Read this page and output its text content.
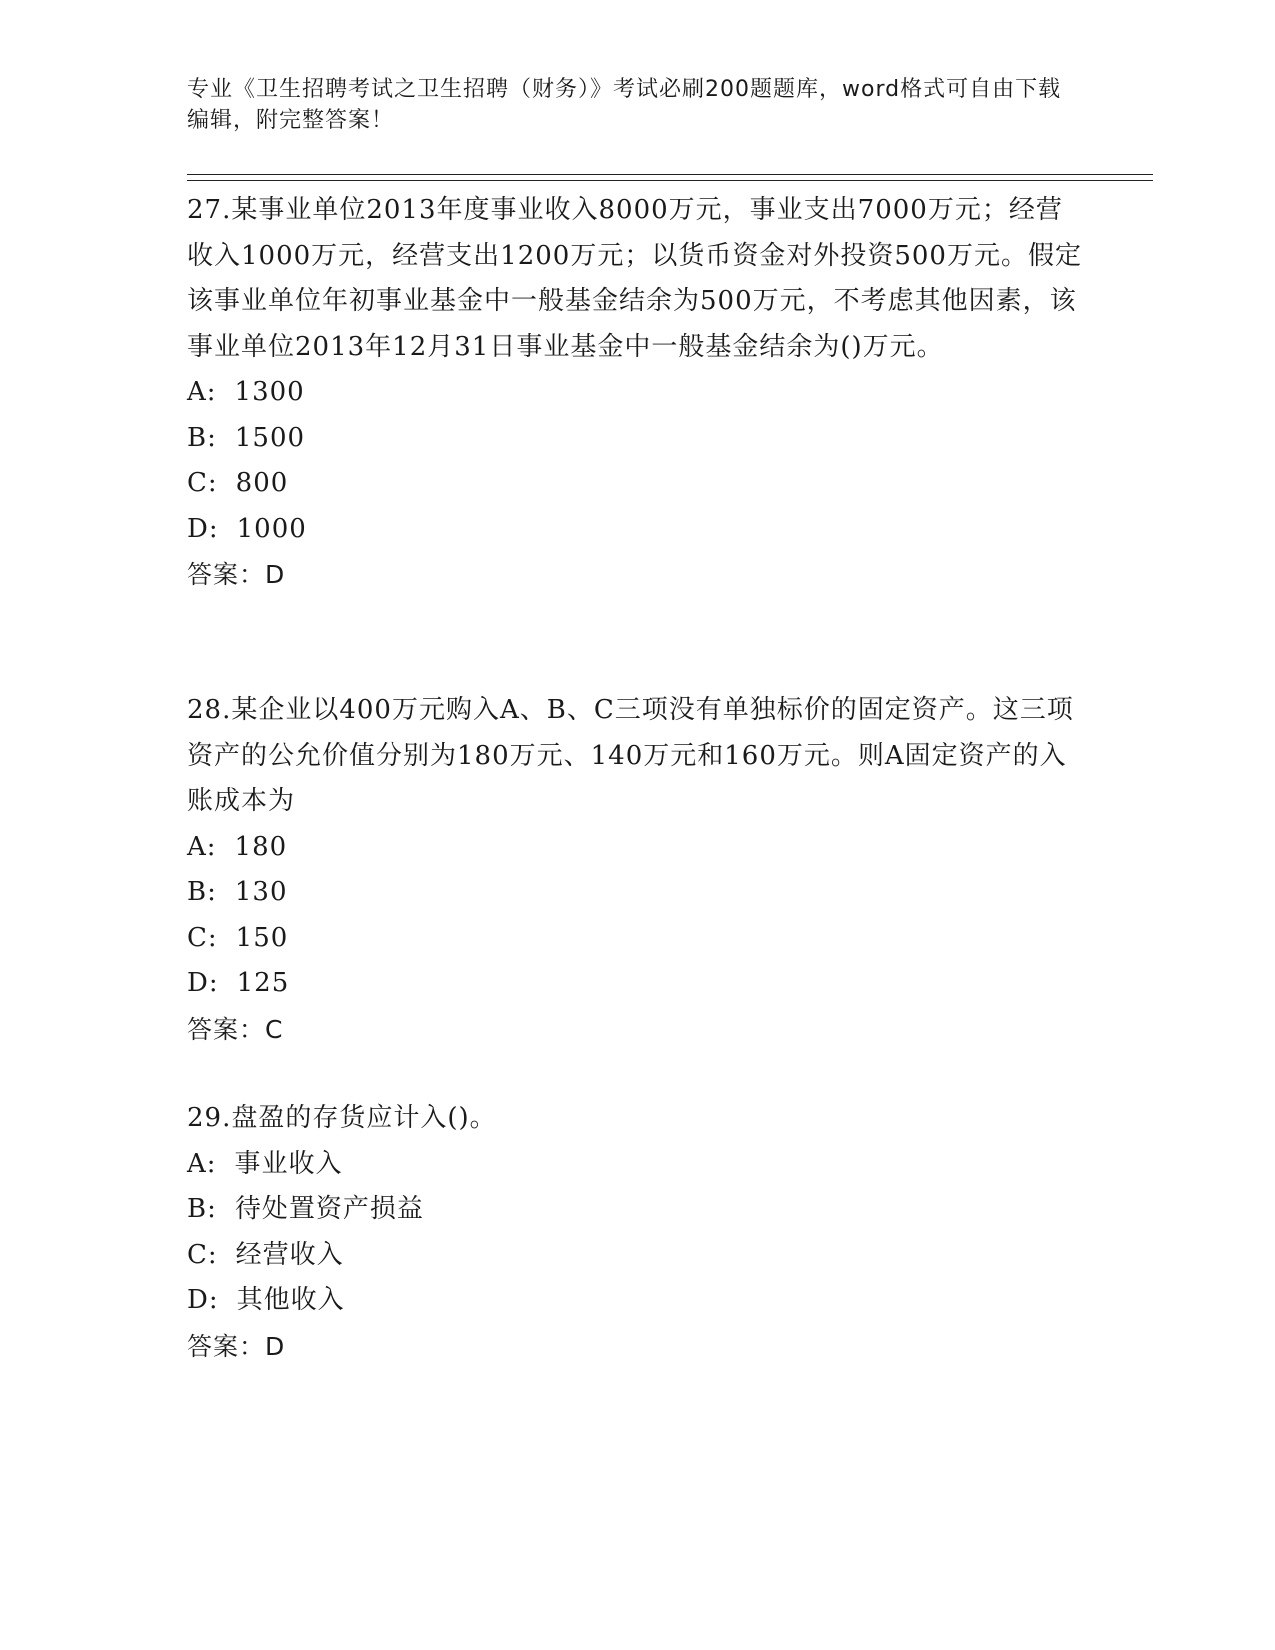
专业《卫生招聘考试之卫生招聘（财务）》考试必刷200题题库，word格式可自由下载编辑，附完整答案！

27.某事业单位2013年度事业收入8000万元，事业支出7000万元；经营收入1000万元，经营支出1200万元；以货币资金对外投资500万元。假定该事业单位年初事业基金中一般基金结余为500万元，不考虑其他因素，该事业单位2013年12月31日事业基金中一般基金结余为()万元。

A: 1300

B: 1500

C: 800

D: 1000

答案：D

28.某企业以400万元购入A、B、C三项没有单独标价的固定资产。这三项资产的公允价值分别为180万元、140万元和160万元。则A固定资产的入账成本为

A: 180

B: 130

C: 150

D: 125

答案：C

29.盘盈的存货应计入()。

A: 事业收入

B: 待处置资产损益

C: 经营收入

D: 其他收入

答案：D
